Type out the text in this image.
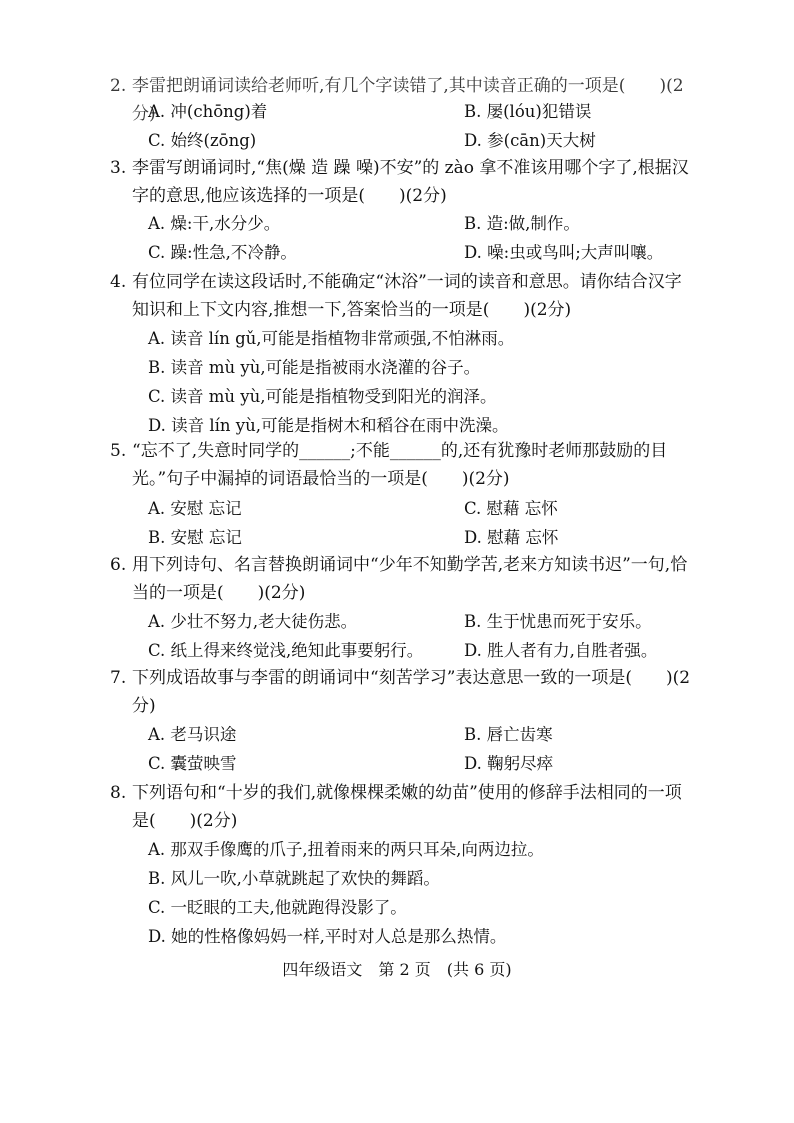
2. 李雷把朗诵词读给老师听,有几个字读错了,其中读音正确的一项是(　　)(2分)
A. 冲(chōng)着	B. 屡(lóu)犯错误
C. 始终(zōng)	D. 参(cān)天大树
3. 李雷写朗诵词时,“焦(燥 造 躁 噪)不安”的 zào 拿不准该用哪个字了,根据汉
字的意思,他应该选择的一项是(　　)(2分)
A. 燥:干,水分少。	B. 造:做,制作。
C. 躁:性急,不冷静。	D. 噪:虫或鸟叫;大声叫嚷。
4. 有位同学在读这段话时,不能确定“沐浴”一词的读音和意思。请你结合汉字
知识和上下文内容,推想一下,答案恰当的一项是(　　)(2分)
A. 读音 lín gǔ,可能是指植物非常顽强,不怕淋雨。
B. 读音 mù yù,可能是指被雨水浇灌的谷子。
C. 读音 mù yù,可能是指植物受到阳光的润泽。
D. 读音 lín yù,可能是指树木和稻谷在雨中洗澡。
5. “忘不了,失意时同学的______;不能______的,还有犹豫时老师那鼓励的目
光。”句子中漏掉的词语最恰当的一项是(　　)(2分)
A. 安慰 忘记	C. 慰藉 忘怀
B. 安慰 忘记	D. 慰藉 忘怀
6. 用下列诗句、名言替换朗诵词中“少年不知勤学苦,老来方知读书迟”一句,恰
当的一项是(　　)(2分)
A. 少壮不努力,老大徒伤悲。	B. 生于忧患而死于安乐。
C. 纸上得来终觉浅,绝知此事要躬行。	D. 胜人者有力,自胜者强。
7. 下列成语故事与李雷的朗诵词中“刻苦学习”表达意思一致的一项是(　　)(2
分)
A. 老马识途	B. 唇亡齿寒
C. 囊萤映雪	D. 鞠躬尽瘁
8. 下列语句和“十岁的我们,就像棵棵柔嫩的幼苗”使用的修辞手法相同的一项
是(　　)(2分)
A. 那双手像鹰的爪子,扭着雨来的两只耳朵,向两边拉。
B. 风儿一吹,小草就跳起了欢快的舞蹈。
C. 一眨眼的工夫,他就跑得没影了。
D. 她的性格像妈妈一样,平时对人总是那么热情。
四年级语文　第 2 页　(共 6 页)
